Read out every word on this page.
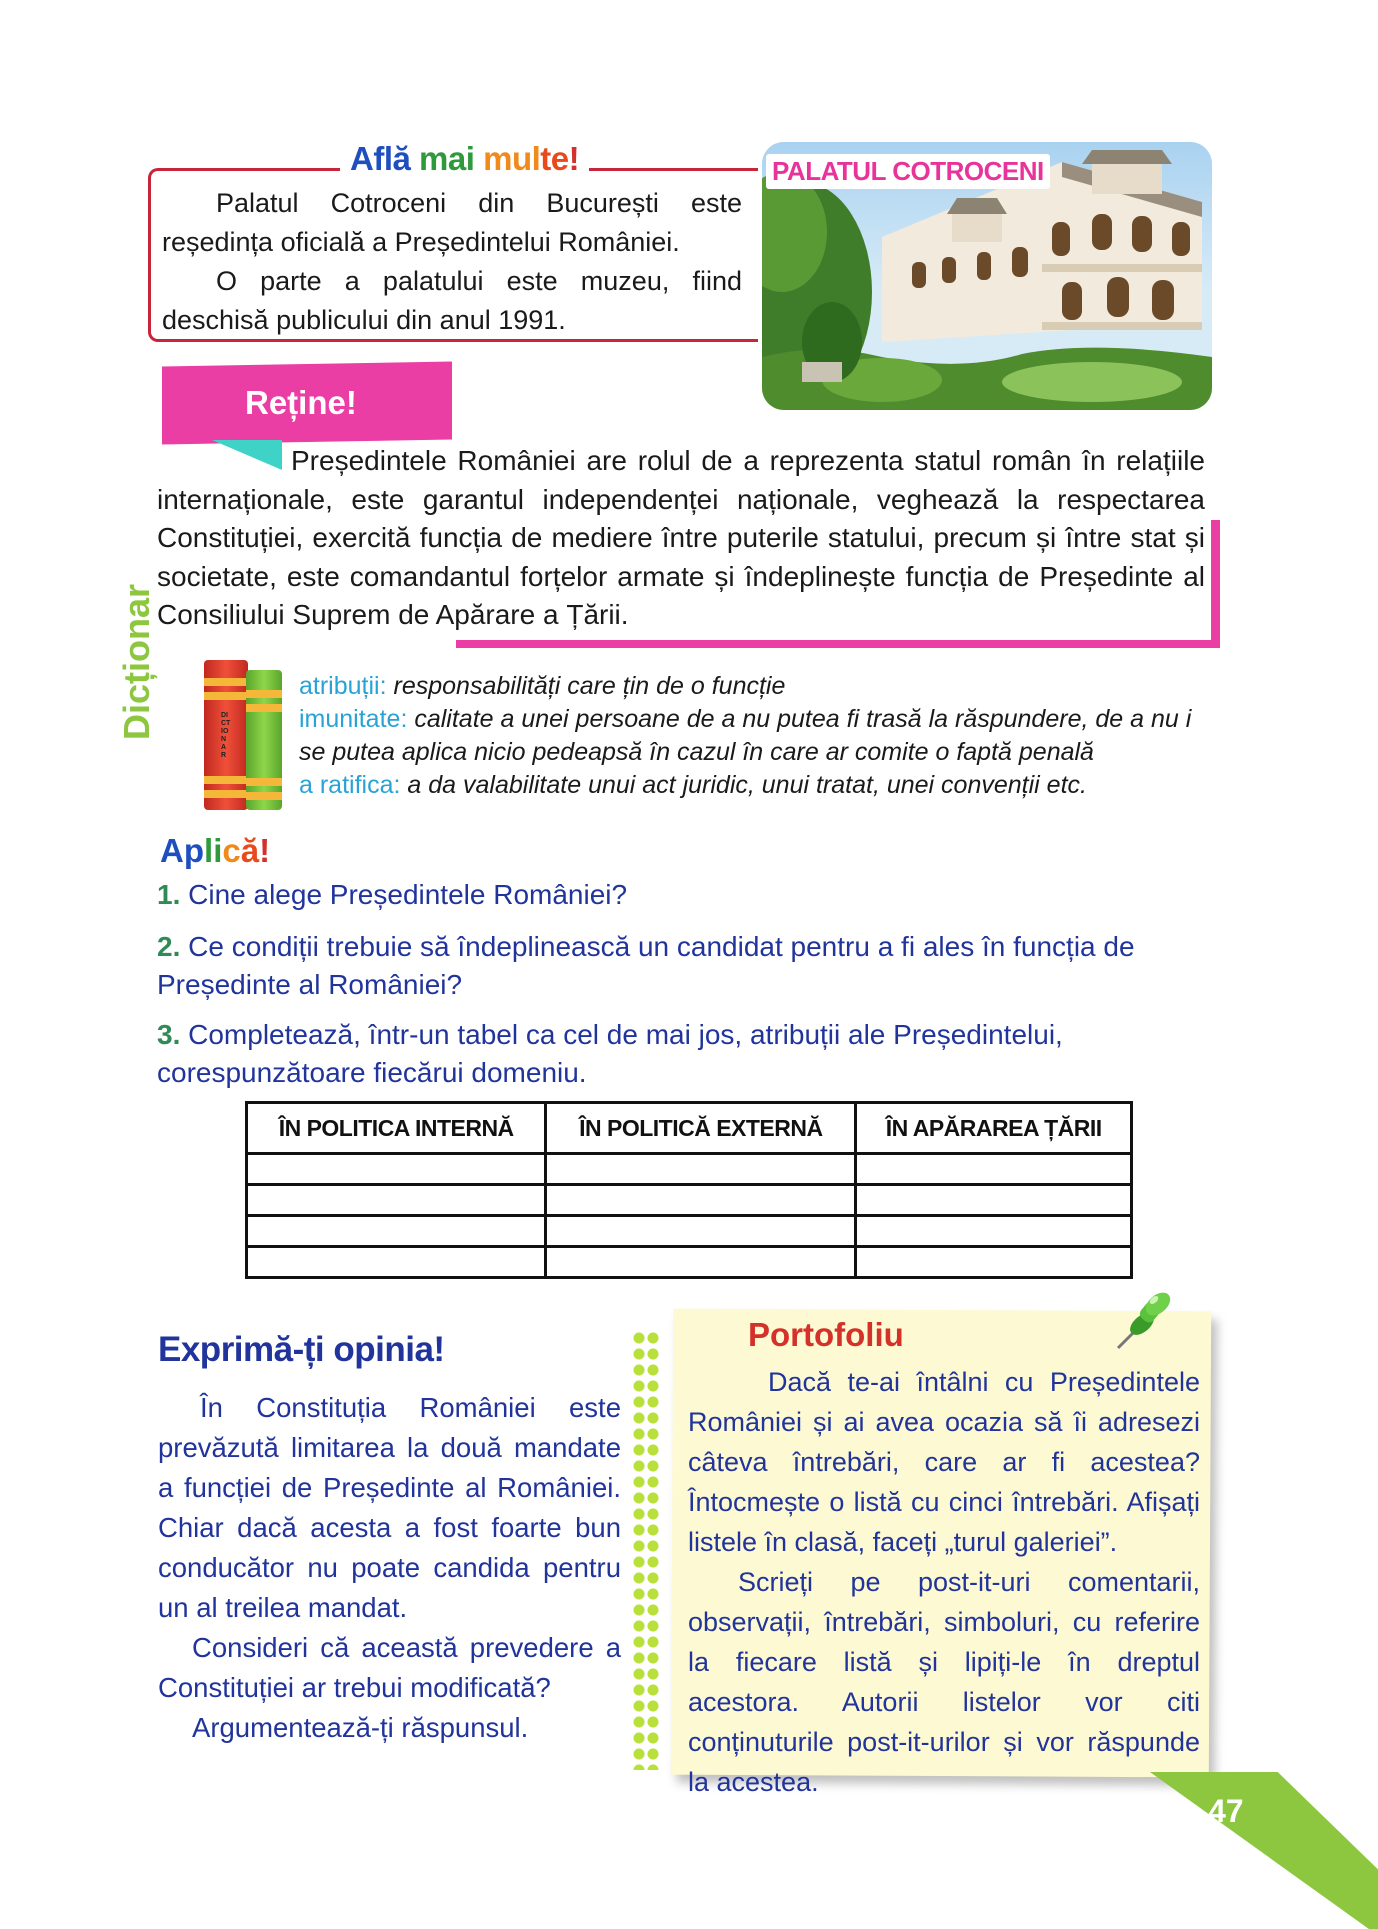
Află mai multe!

Palatul Cotroceni din București este reședința oficială a Președintelui României.

O parte a palatului este muzeu, fiind deschisă publicului din anul 1991.

PALATUL COTROCENI
Reține!

Președintele României are rolul de a reprezenta statul român în relațiile internaționale, este garantul independenței naționale, veghează la respectarea Constituției, exercită funcția de mediere între puterile statului, precum și între stat și societate, este comandantul forțelor armate și îndeplinește funcția de Președinte al Consiliului Suprem de Apărare a Țării.

Dicționar	DICTIONAR
atribuții: responsabilități care țin de o funcție
imunitate: calitate a unei persoane de a nu putea fi trasă la răspundere, de a nu i se putea aplica nicio pedeapsă în cazul în care ar comite o faptă penală
a ratifica: a da valabilitate unui act juridic, unui tratat, unei convenții etc.
Aplică!
1. Cine alege Președintele României?
2. Ce condiții trebuie să îndeplinească un candidat pentru a fi ales în funcția de Președinte al României?
3. Completează, într-un tabel ca cel de mai jos, atribuții ale Președintelui, corespunzătoare fiecărui domeniu.
ÎN POLITICA INTERNĂ	ÎN POLITICĂ EXTERNĂ	ÎN APĂRAREA ȚĂRII

Exprimă-ți opinia!

În Constituția României este prevăzută limitarea la două mandate a funcției de Președinte al României. Chiar dacă acesta a fost foarte bun conducător nu poate candida pentru un al treilea mandat.

Consideri că această prevedere a Constituției ar trebui modificată?

Argumentează-ți răspunsul.

Portofoliu

Dacă te-ai întâlni cu Președintele României și ai avea ocazia să îi adresezi câteva întrebări, care ar fi acestea? Întocmește o listă cu cinci întrebări. Afișați listele în clasă, faceți „turul galeriei”.

Scrieți pe post-it-uri comentarii, observații, întrebări, simboluri, cu referire la fiecare listă și lipiți-le în dreptul acestora. Autorii listelor vor citi conținuturile post-it-urilor și vor răspunde la acestea.

47
